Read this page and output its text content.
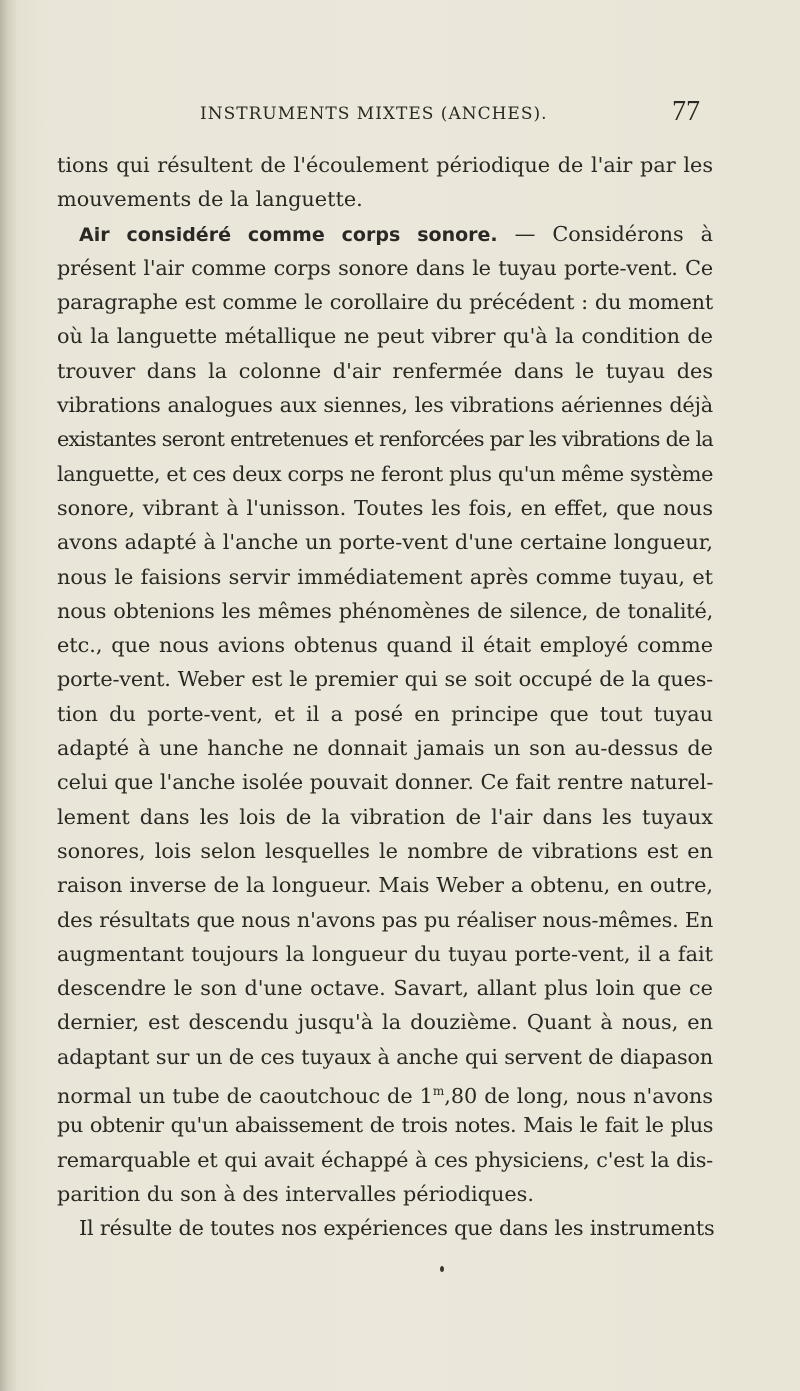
INSTRUMENTS MIXTES (ANCHES).	77
tions qui résultent de l'écoulement périodique de l'air par les
mouvements de la languette.
Air considéré comme corps sonore. — Considérons à
présent l'air comme corps sonore dans le tuyau porte-vent. Ce
paragraphe est comme le corollaire du précédent : du moment
où la languette métallique ne peut vibrer qu'à la condition de
trouver dans la colonne d'air renfermée dans le tuyau des
vibrations analogues aux siennes, les vibrations aériennes déjà
existantes seront entretenues et renforcées par les vibrations de la
languette, et ces deux corps ne feront plus qu'un même système
sonore, vibrant à l'unisson. Toutes les fois, en effet, que nous
avons adapté à l'anche un porte-vent d'une certaine longueur,
nous le faisions servir immédiatement après comme tuyau, et
nous obtenions les mêmes phénomènes de silence, de tonalité,
etc., que nous avions obtenus quand il était employé comme
porte-vent. Weber est le premier qui se soit occupé de la ques-
tion du porte-vent, et il a posé en principe que tout tuyau
adapté à une hanche ne donnait jamais un son au-dessus de
celui que l'anche isolée pouvait donner. Ce fait rentre naturel-
lement dans les lois de la vibration de l'air dans les tuyaux
sonores, lois selon lesquelles le nombre de vibrations est en
raison inverse de la longueur. Mais Weber a obtenu, en outre,
des résultats que nous n'avons pas pu réaliser nous-mêmes. En
augmentant toujours la longueur du tuyau porte-vent, il a fait
descendre le son d'une octave. Savart, allant plus loin que ce
dernier, est descendu jusqu'à la douzième. Quant à nous, en
adaptant sur un de ces tuyaux à anche qui servent de diapason
normal un tube de caoutchouc de 1$^m$,80 de long, nous n'avons
pu obtenir qu'un abaissement de trois notes. Mais le fait le plus
remarquable et qui avait échappé à ces physiciens, c'est la dis-
parition du son à des intervalles périodiques.
Il résulte de toutes nos expériences que dans les instruments
